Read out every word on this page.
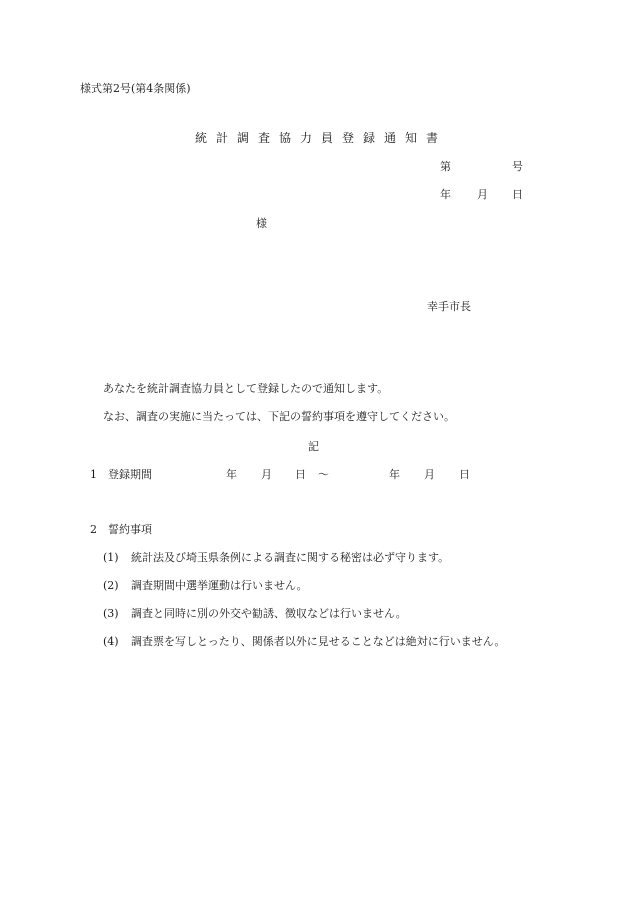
様式第2号(第4条関係)
統 計 調 査 協 力 員 登 録 通 知 書
第	号
年 月 日
様
幸手市長
あなたを統計調査協力員として登録したので通知します。
なお、調査の実施に当たっては、下記の誓約事項を遵守してください。
記
1 登録期間	年 月 日 〜	年 月 日
2 誓約事項
(1) 統計法及び埼玉県条例による調査に関する秘密は必ず守ります。
(2) 調査期間中選挙運動は行いません。
(3) 調査と同時に別の外交や勧誘、徴収などは行いません。
(4) 調査票を写しとったり、関係者以外に見せることなどは絶対に行いません。
